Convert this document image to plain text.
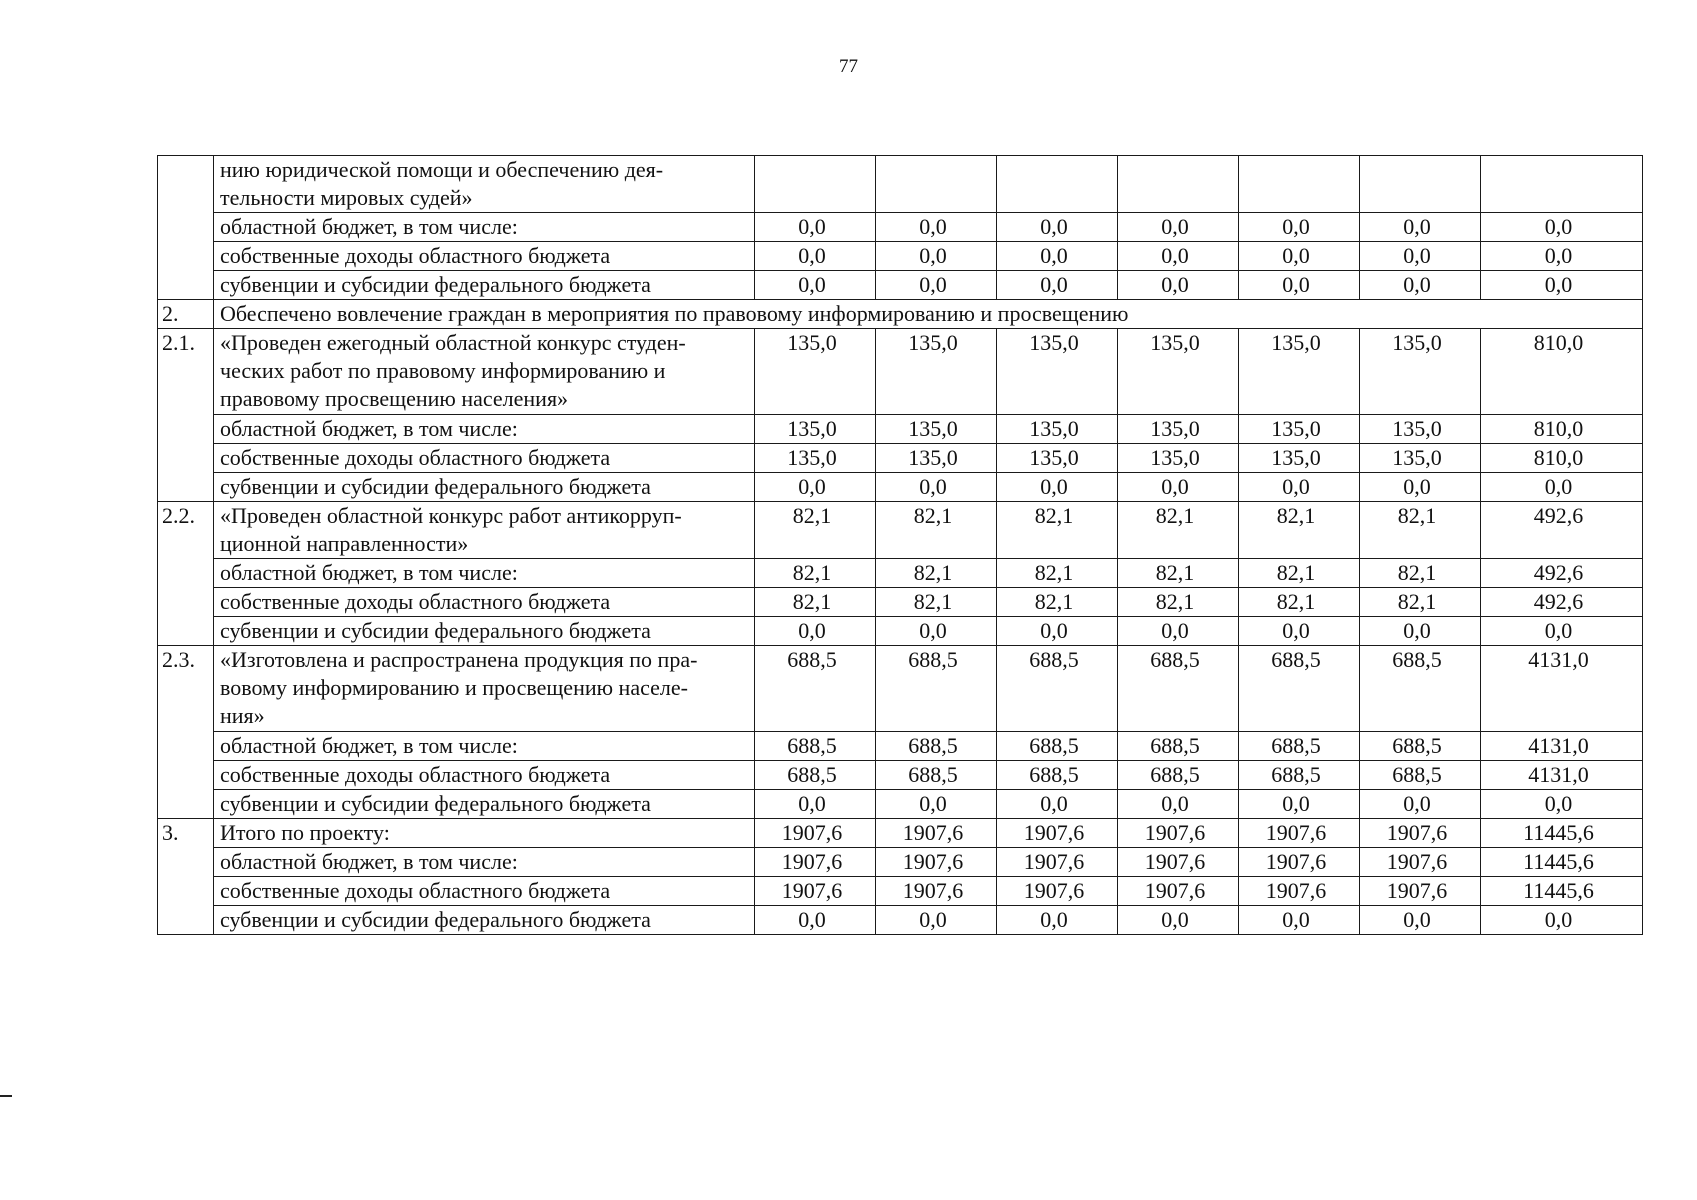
77
	нию юридической помощи и обеспечению дея-
тельности мировых судей»							
	областной бюджет, в том числе:	0,0	0,0	0,0	0,0	0,0	0,0	0,0
	собственные доходы областного бюджета	0,0	0,0	0,0	0,0	0,0	0,0	0,0
	субвенции и субсидии федерального бюджета	0,0	0,0	0,0	0,0	0,0	0,0	0,0
2.	Обеспечено вовлечение граждан в мероприятия по правовому информированию и просвещению							
2.1.	«Проведен ежегодный областной конкурс студен-
ческих работ по правовому информированию и
правовому просвещению населения»	135,0	135,0	135,0	135,0	135,0	135,0	810,0
	областной бюджет, в том числе:	135,0	135,0	135,0	135,0	135,0	135,0	810,0
	собственные доходы областного бюджета	135,0	135,0	135,0	135,0	135,0	135,0	810,0
	субвенции и субсидии федерального бюджета	0,0	0,0	0,0	0,0	0,0	0,0	0,0
2.2.	«Проведен областной конкурс работ антикорруп-
ционной направленности»	82,1	82,1	82,1	82,1	82,1	82,1	492,6
	областной бюджет, в том числе:	82,1	82,1	82,1	82,1	82,1	82,1	492,6
	собственные доходы областного бюджета	82,1	82,1	82,1	82,1	82,1	82,1	492,6
	субвенции и субсидии федерального бюджета	0,0	0,0	0,0	0,0	0,0	0,0	0,0
2.3.	«Изготовлена и распространена продукция по пра-
вовому информированию и просвещению населе-
ния»	688,5	688,5	688,5	688,5	688,5	688,5	4131,0
	областной бюджет, в том числе:	688,5	688,5	688,5	688,5	688,5	688,5	4131,0
	собственные доходы областного бюджета	688,5	688,5	688,5	688,5	688,5	688,5	4131,0
	субвенции и субсидии федерального бюджета	0,0	0,0	0,0	0,0	0,0	0,0	0,0
3.	Итого по проекту:	1907,6	1907,6	1907,6	1907,6	1907,6	1907,6	11445,6
	областной бюджет, в том числе:	1907,6	1907,6	1907,6	1907,6	1907,6	1907,6	11445,6
	собственные доходы областного бюджета	1907,6	1907,6	1907,6	1907,6	1907,6	1907,6	11445,6
	субвенции и субсидии федерального бюджета	0,0	0,0	0,0	0,0	0,0	0,0	0,0
